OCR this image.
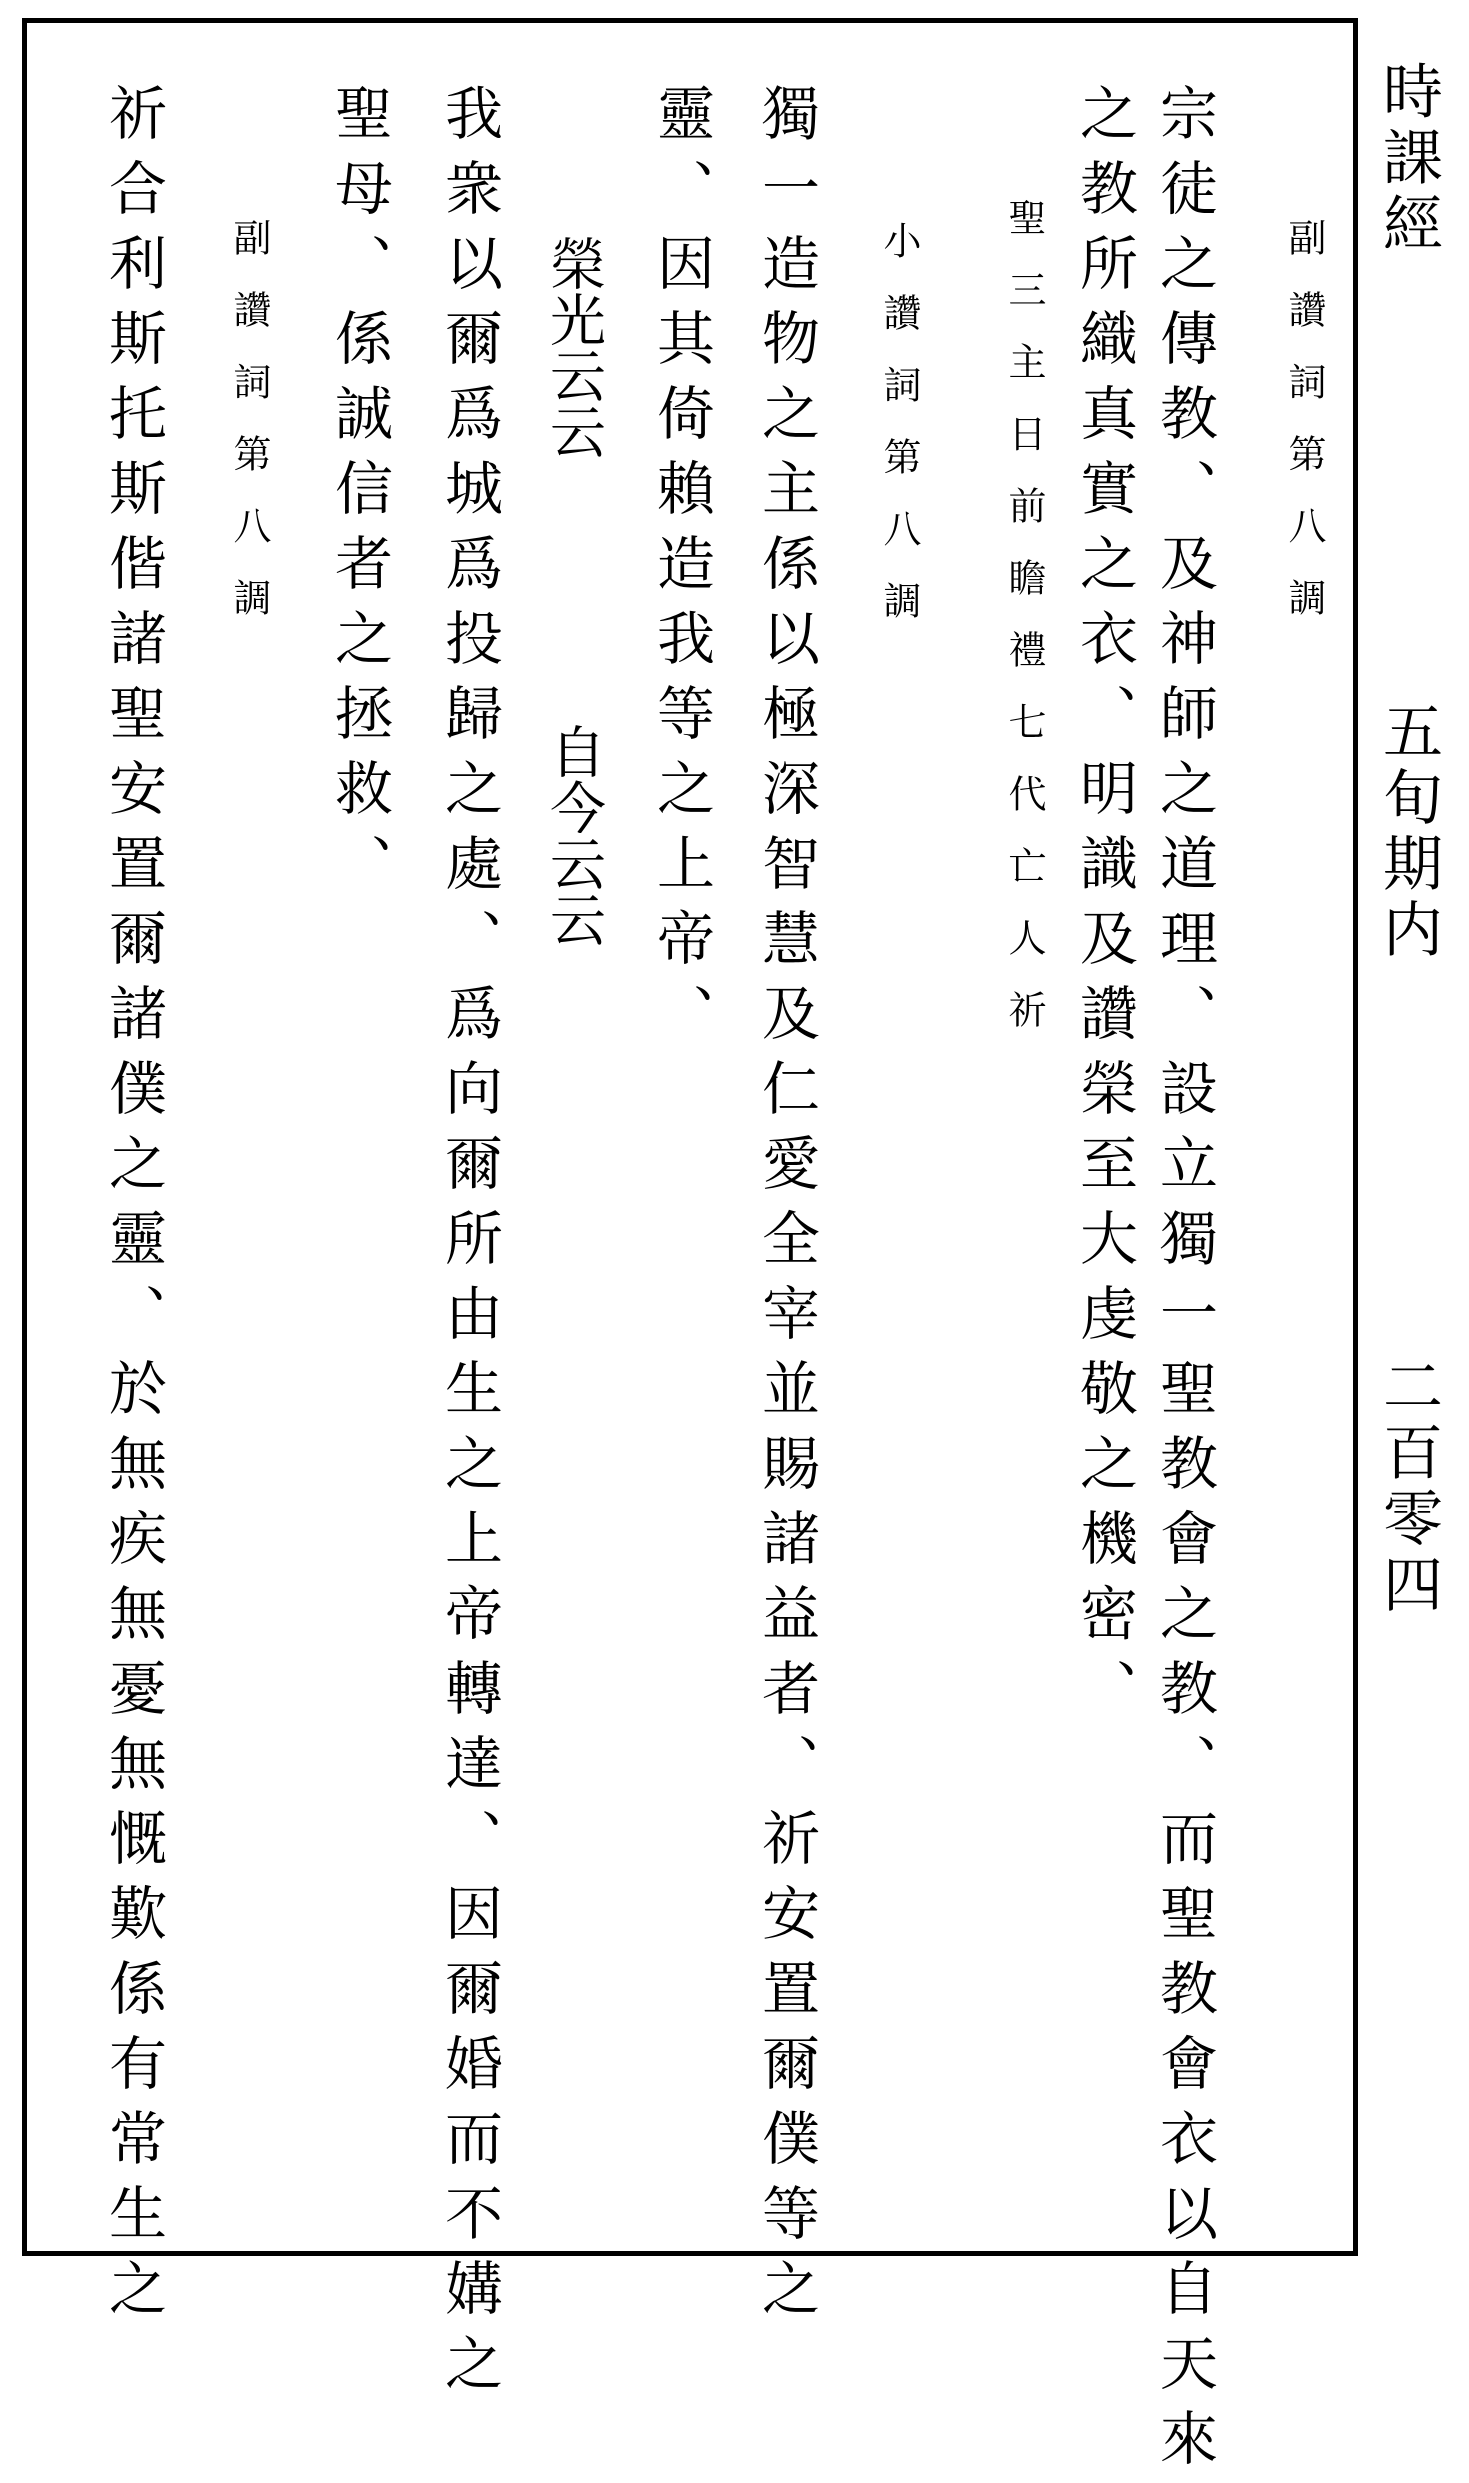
宗徒之傳教、及神師之道理、設立獨一聖教會之教、而聖教會衣以自天來
之教所織真實之衣、明識及讚榮至大虔敬之機密、	副讚詞第八調
聖三主日前瞻禮七代亡人祈
小讚詞第八調
獨一造物之主係以極深智慧及仁愛全宰並賜諸益者、祈安置爾僕等之
靈、因其倚賴造我等之上帝、
榮光云云
自今云云
我衆以爾爲城爲投歸之處、爲向爾所由生之上帝轉達、因爾婚而不媾之
聖母、係誠信者之拯救、
副讚詞第八調
祈合利斯托斯偕諸聖安置爾諸僕之靈、於無疾無憂無慨歎係有常生之	時課經
五旬期内
二百零四
